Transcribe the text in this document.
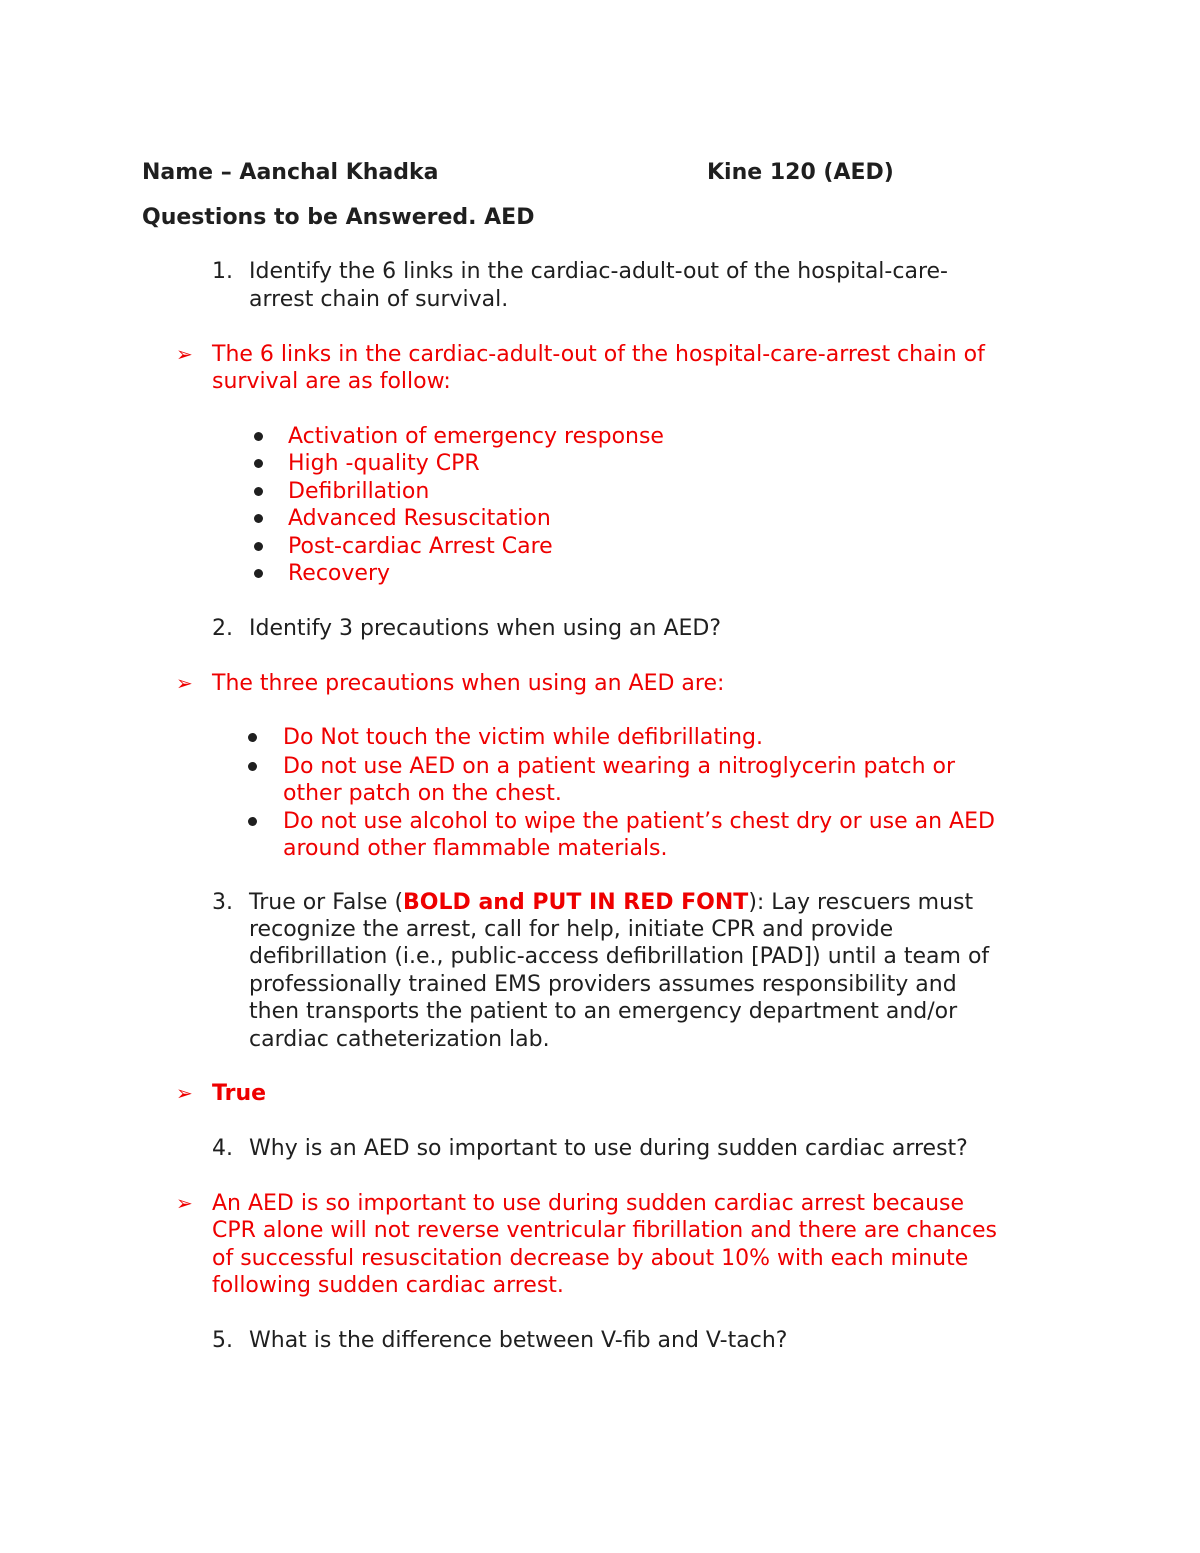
Name – Aanchal Khadka	Kine 120 (AED)
Questions to be Answered. AED
1. Identify the 6 links in the cardiac-adult-out of the hospital-care-
arrest chain of survival.
➢ The 6 links in the cardiac-adult-out of the hospital-care-arrest chain of
survival are as follow:
Activation of emergency response
High -quality CPR
Defibrillation
Advanced Resuscitation
Post-cardiac Arrest Care
Recovery
2. Identify 3 precautions when using an AED?
➢ The three precautions when using an AED are:
Do Not touch the victim while defibrillating.
Do not use AED on a patient wearing a nitroglycerin patch or
other patch on the chest.
Do not use alcohol to wipe the patient’s chest dry or use an AED
around other flammable materials.
3. True or False (BOLD and PUT IN RED FONT): Lay rescuers must
recognize the arrest, call for help, initiate CPR and provide
defibrillation (i.e., public-access defibrillation [PAD]) until a team of
professionally trained EMS providers assumes responsibility and
then transports the patient to an emergency department and/or
cardiac catheterization lab.
➢ True
4. Why is an AED so important to use during sudden cardiac arrest?
➢ An AED is so important to use during sudden cardiac arrest because
CPR alone will not reverse ventricular fibrillation and there are chances
of successful resuscitation decrease by about 10% with each minute
following sudden cardiac arrest.
5. What is the difference between V-fib and V-tach?
